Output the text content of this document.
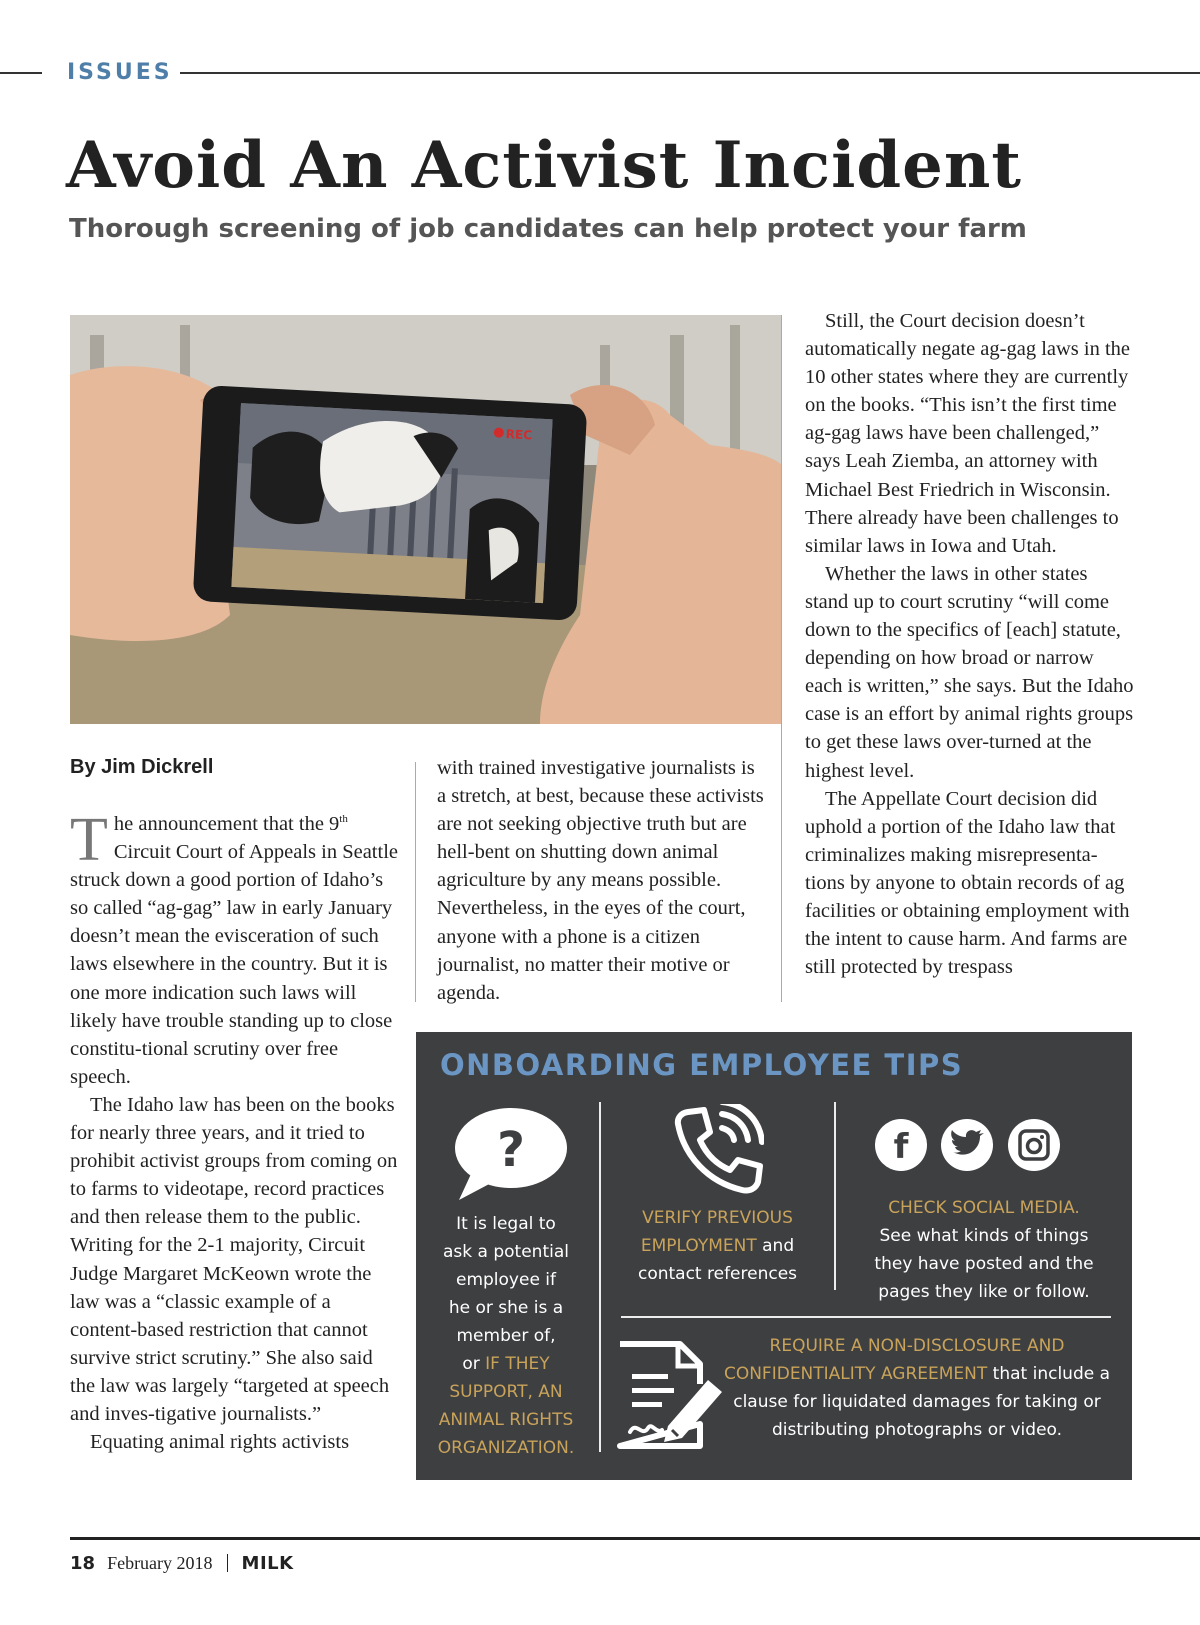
ISSUES
Avoid An Activist Incident
Thorough screening of job candidates can help protect your farm
REC
By Jim Dickrell

The announcement that the 9th Circuit Court of Appeals in Seattle struck down a good portion of Idaho’s so called “ag-gag” law in early January doesn’t mean the evisceration of such laws elsewhere in the country. But it is one more indication such laws will likely have trouble standing up to close constitu-tional scrutiny over free speech.

The Idaho law has been on the books for nearly three years, and it tried to prohibit activist groups from coming on to farms to videotape, record practices and then release them to the public. Writing for the 2-1 majority, Circuit Judge Margaret McKeown wrote the law was a “classic example of a content-based restriction that cannot survive strict scrutiny.” She also said the law was largely “targeted at speech and inves-tigative journalists.”

Equating animal rights activists

with trained investigative journalists is a stretch, at best, because these activists are not seeking objective truth but are hell-bent on shutting down animal agriculture by any means possible. Nevertheless, in the eyes of the court, anyone with a phone is a citizen journalist, no matter their motive or agenda.

Still, the Court decision doesn’t automatically negate ag-gag laws in the 10 other states where they are currently on the books. “This isn’t the first time ag-gag laws have been challenged,” says Leah Ziemba, an attorney with Michael Best Friedrich in Wisconsin. There already have been challenges to similar laws in Iowa and Utah.

Whether the laws in other states stand up to court scrutiny “will come down to the specifics of [each] statute, depending on how broad or narrow each is written,” she says. But the Idaho case is an effort by animal rights groups to get these laws over-turned at the highest level.

The Appellate Court decision did uphold a portion of the Idaho law that criminalizes making misrepresenta-tions by anyone to obtain records of ag facilities or obtaining employment with the intent to cause harm. And farms are still protected by trespass

ONBOARDING EMPLOYEE TIPS
?
It is legal to
ask a potential
employee if
he or she is a
member of,
or IF THEY
SUPPORT, AN
ANIMAL RIGHTS
ORGANIZATION.
VERIFY PREVIOUS
EMPLOYMENT and
contact references
f
CHECK SOCIAL MEDIA.
See what kinds of things
they have posted and the
pages they like or follow.
REQUIRE A NON-DISCLOSURE AND
CONFIDENTIALITY AGREEMENT that include a
clause for liquidated damages for taking or
distributing photographs or video.
18 February 2018 MILK
